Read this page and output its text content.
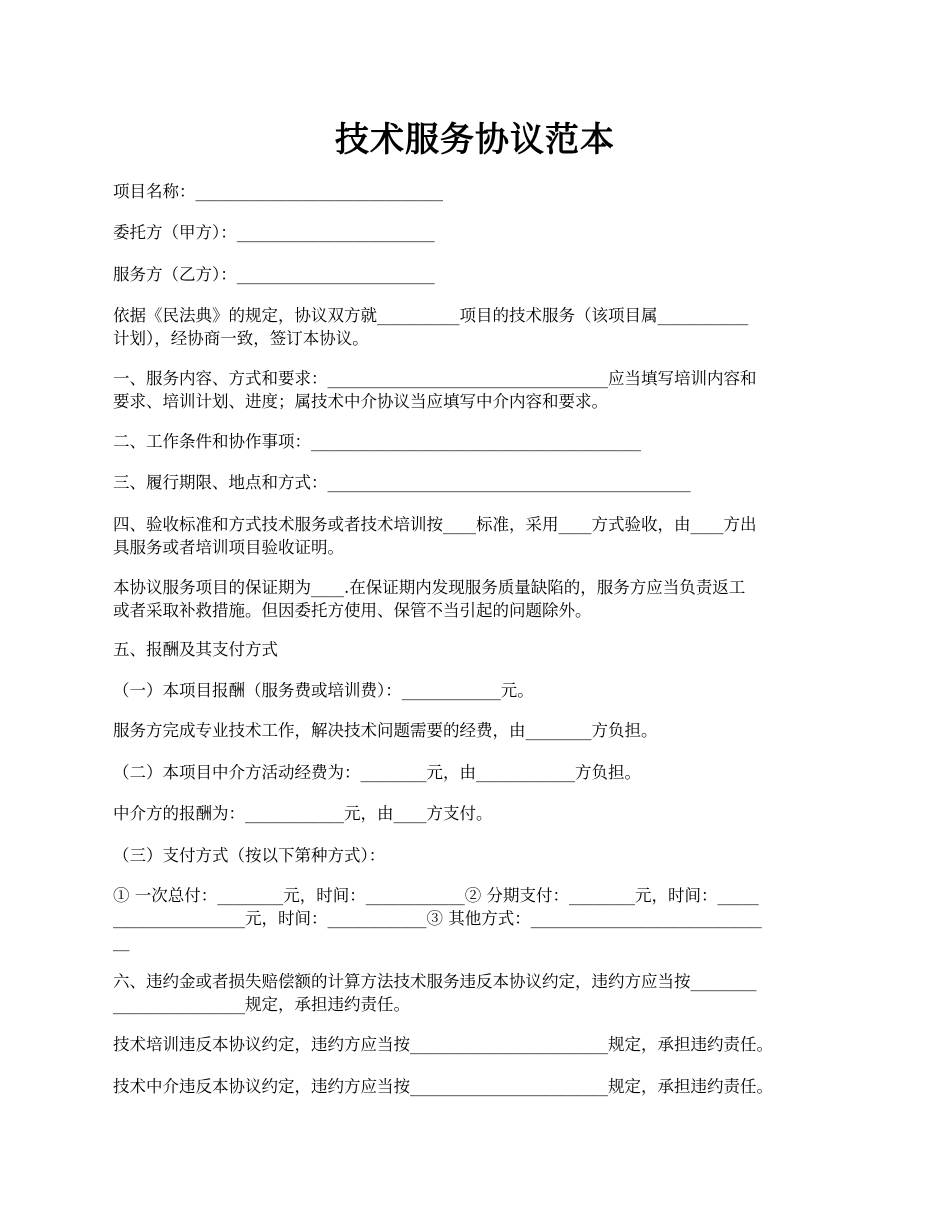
技术服务协议范本
项目名称：______________________________
委托方（甲方）：________________________
服务方（乙方）：________________________
依据《民法典》的规定，协议双方就__________项目的技术服务（该项目属___________
计划），经协商一致，签订本协议。
一、服务内容、方式和要求：__________________________________应当填写培训内容和
要求、培训计划、进度；属技术中介协议当应填写中介内容和要求。
二、工作条件和协作事项：________________________________________
三、履行期限、地点和方式：____________________________________________
四、验收标准和方式技术服务或者技术培训按____标准，采用____方式验收，由____方出
具服务或者培训项目验收证明。
本协议服务项目的保证期为____.在保证期内发现服务质量缺陷的，服务方应当负责返工
或者采取补救措施。但因委托方使用、保管不当引起的问题除外。
五、报酬及其支付方式
（一）本项目报酬（服务费或培训费）：____________元。
服务方完成专业技术工作，解决技术问题需要的经费，由________方负担。
（二）本项目中介方活动经费为：________元，由____________方负担。
中介方的报酬为：____________元，由____方支付。
（三）支付方式（按以下第种方式）：
① 一次总付：________元，时间：____________② 分期支付：________元，时间：_____
________________元，时间：____________③ 其他方式：____________________________
__
六、违约金或者损失赔偿额的计算方法技术服务违反本协议约定，违约方应当按________
________________规定，承担违约责任。
技术培训违反本协议约定，违约方应当按________________________规定，承担违约责任。
技术中介违反本协议约定，违约方应当按________________________规定，承担违约责任。
